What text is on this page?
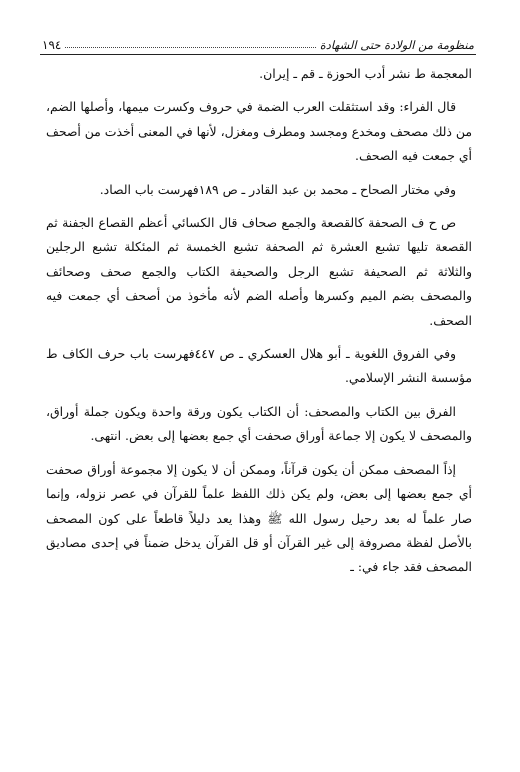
منظومة من الولادة حتى الشهادة
١٩٤

المعجمة ط نشر أدب الحوزة ـ قم ـ إيران.

قال الفراء: وقد استثقلت العرب الضمة في حروف وكسرت ميمها، وأصلها الضم، من ذلك مصحف ومخدع ومجسد ومطرف ومغزل، لأنها في المعنى أخذت من أصحف أي جمعت فيه الصحف.

وفي مختار الصحاح ـ محمد بن عبد القادر ـ ص ١٨٩فهرست باب الصاد.

ص ح ف الصحفة كالقصعة والجمع صحاف قال الكسائي أعظم القصاع الجفنة ثم القصعة تليها تشبع العشرة ثم الصحفة تشبع الخمسة ثم المئكلة تشبع الرجلين والثلاثة ثم الصحيفة تشبع الرجل والصحيفة الكتاب والجمع صحف وصحائف والمصحف بضم الميم وكسرها وأصله الضم لأنه مأخوذ من أصحف أي جمعت فيه الصحف.

وفي الفروق اللغوية ـ أبو هلال العسكري ـ ص ٤٤٧فهرست باب حرف الكاف ط مؤسسة النشر الإسلامي.

الفرق بين الكتاب والمصحف: أن الكتاب يكون ورقة واحدة ويكون جملة أوراق، والمصحف لا يكون إلا جماعة أوراق صحفت أي جمع بعضها إلى بعض. انتهى.

إذاً المصحف ممكن أن يكون قرآناً، وممكن أن لا يكون إلا مجموعة أوراق صحفت أي جمع بعضها إلى بعض، ولم يكن ذلك اللفظ علماً للقرآن في عصر نزوله، وإنما صار علماً له بعد رحيل رسول الله ﷺ وهذا يعد دليلاً قاطعاً على كون المصحف بالأصل لفظة مصروفة إلى غير القرآن أو قل القرآن يدخل ضمناً في إحدى مصاديق المصحف فقد جاء في: ـ
